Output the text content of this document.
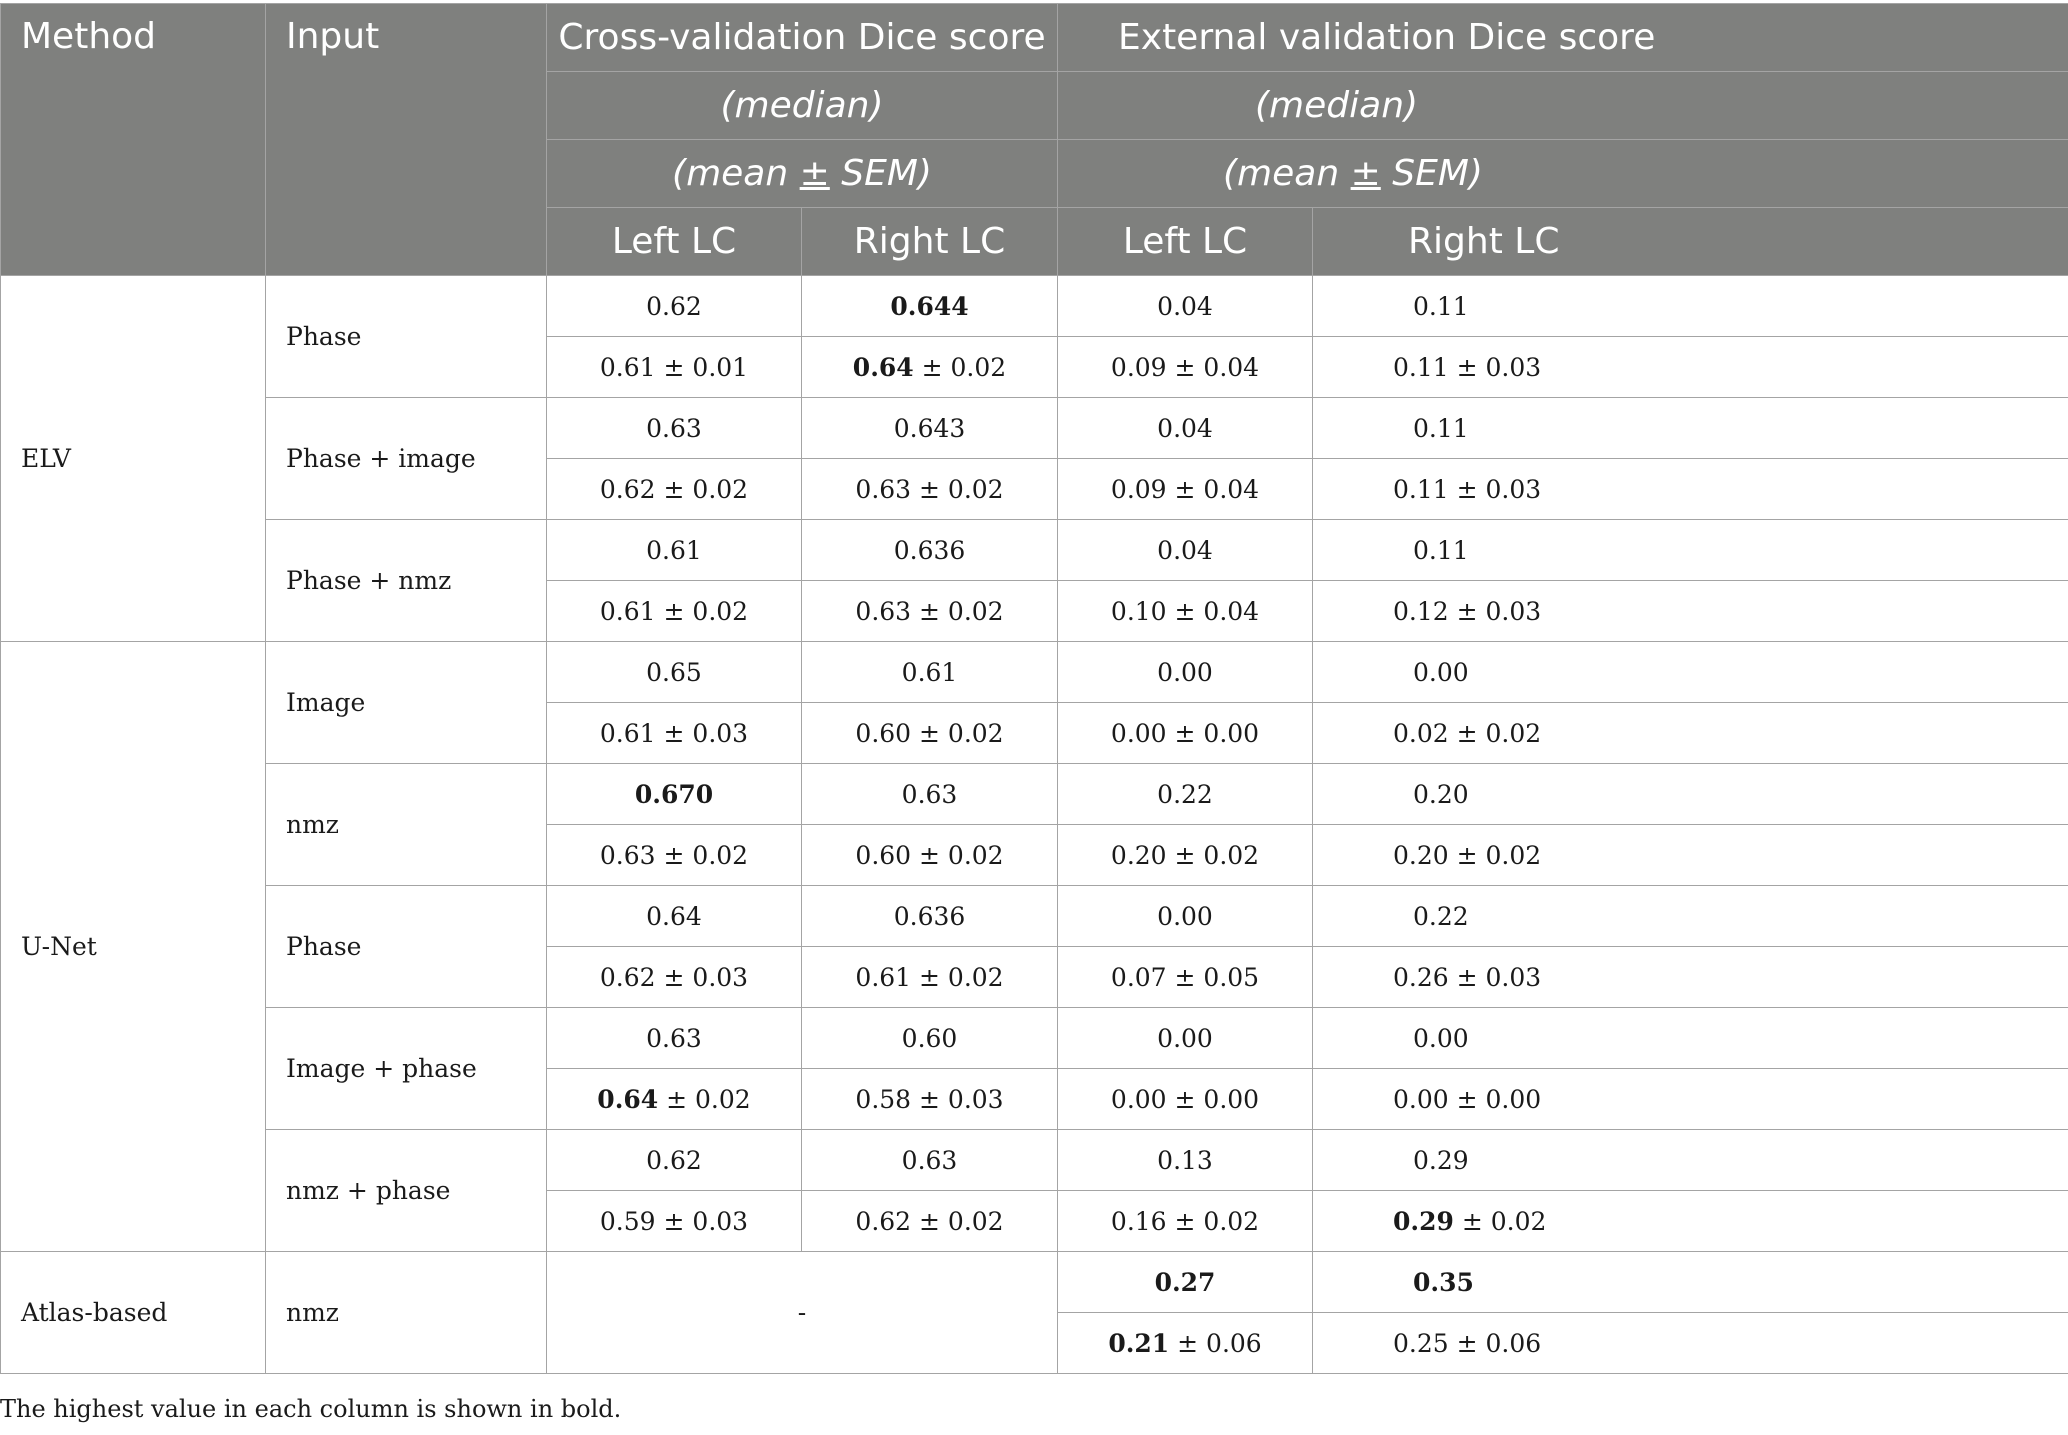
Method	Input	Cross-validation Dice score		External validation Dice score	
		(median)		(median)	
		(mean ± SEM)		(mean ± SEM)	
		Left LC	Right LC	Left LC	Right LC
ELV	Phase	0.62	0.644	0.04	0.11
		0.61 ± 0.01	0.64 ± 0.02	0.09 ± 0.04	0.11 ± 0.03
	Phase + image	0.63	0.643	0.04	0.11
		0.62 ± 0.02	0.63 ± 0.02	0.09 ± 0.04	0.11 ± 0.03
	Phase + nmz	0.61	0.636	0.04	0.11
		0.61 ± 0.02	0.63 ± 0.02	0.10 ± 0.04	0.12 ± 0.03
U-Net	Image	0.65	0.61	0.00	0.00
		0.61 ± 0.03	0.60 ± 0.02	0.00 ± 0.00	0.02 ± 0.02
	nmz	0.670	0.63	0.22	0.20
		0.63 ± 0.02	0.60 ± 0.02	0.20 ± 0.02	0.20 ± 0.02
	Phase	0.64	0.636	0.00	0.22
		0.62 ± 0.03	0.61 ± 0.02	0.07 ± 0.05	0.26 ± 0.03
	Image + phase	0.63	0.60	0.00	0.00
		0.64 ± 0.02	0.58 ± 0.03	0.00 ± 0.00	0.00 ± 0.00
	nmz + phase	0.62	0.63	0.13	0.29
		0.59 ± 0.03	0.62 ± 0.02	0.16 ± 0.02	0.29 ± 0.02
Atlas-based	nmz	-		0.27	0.35
				0.21 ± 0.06	0.25 ± 0.06
The highest value in each column is shown in bold.
